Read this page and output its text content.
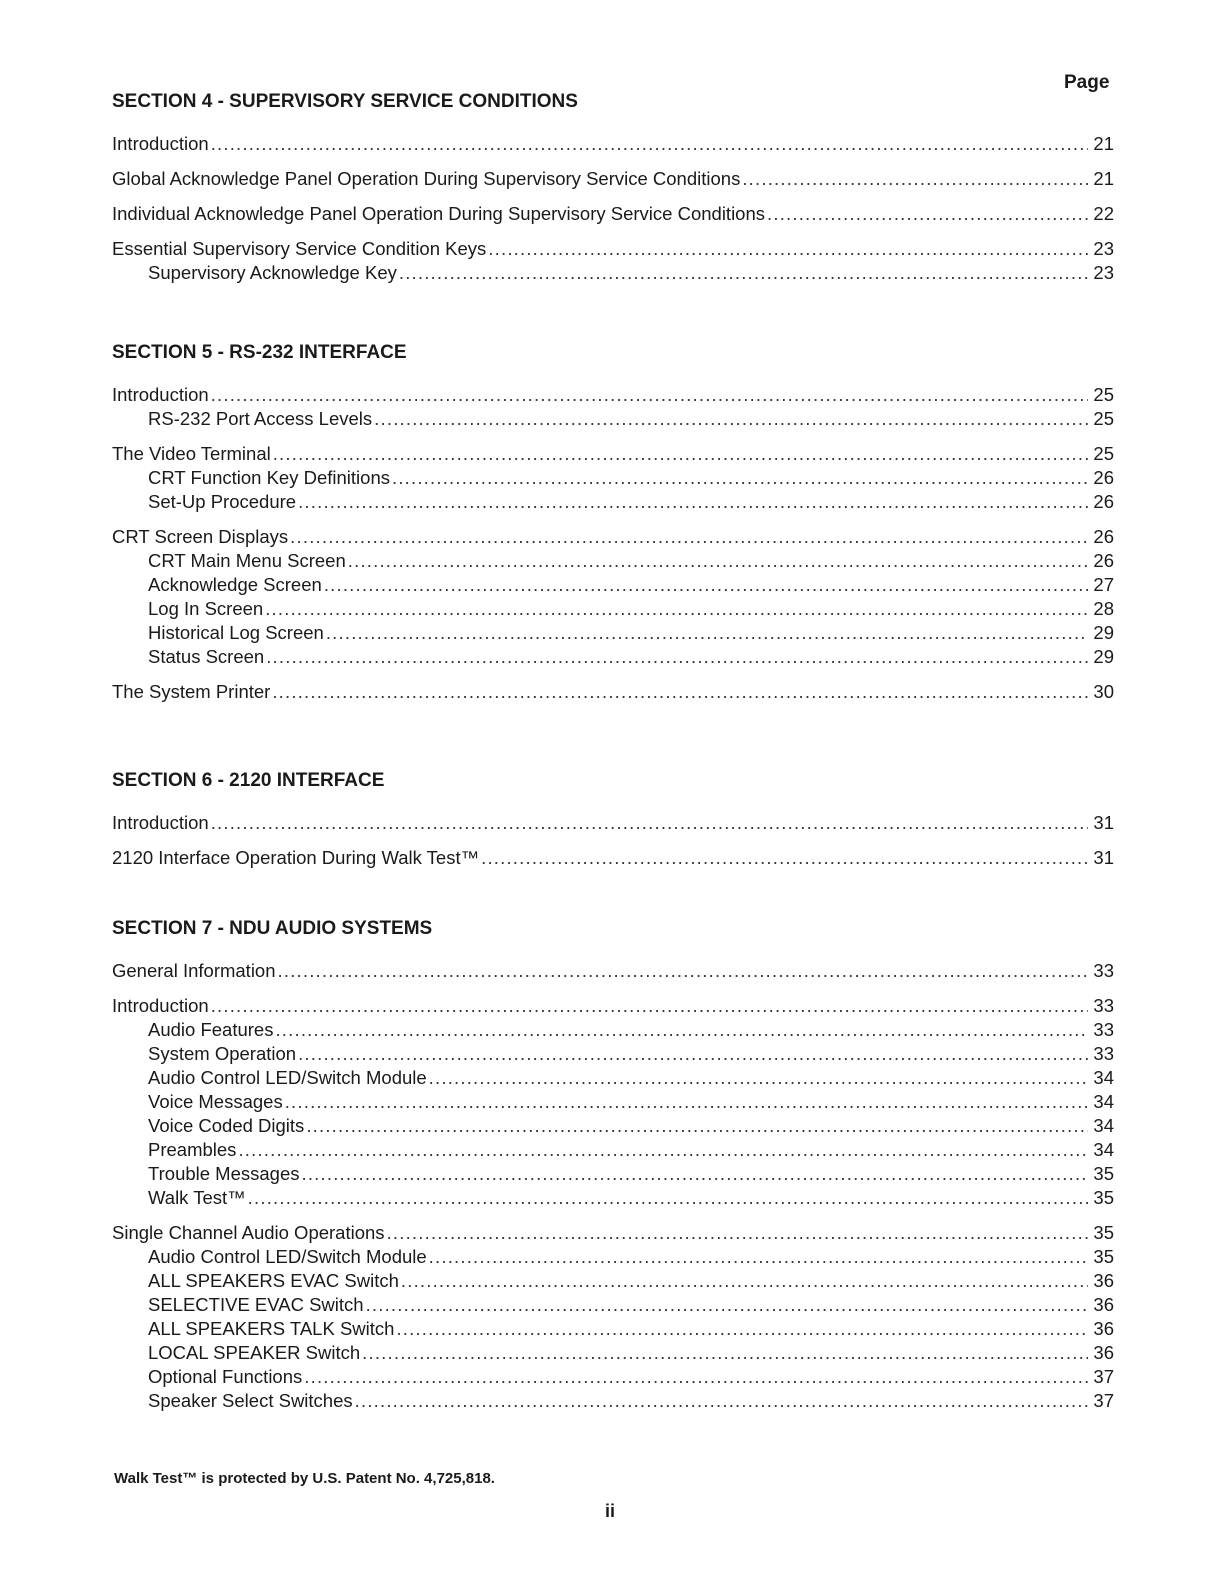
Page
SECTION 4 - SUPERVISORY SERVICE CONDITIONS
Introduction .....	21
Global Acknowledge Panel Operation During Supervisory Service Conditions .....	21
Individual Acknowledge Panel Operation During Supervisory Service Conditions .....	22
Essential Supervisory Service Condition Keys .....	23
Supervisory Acknowledge Key .....	23
SECTION 5 - RS-232 INTERFACE
Introduction .....	25
RS-232 Port Access Levels .....	25
The Video Terminal .....	25
CRT Function Key Definitions .....	26
Set-Up Procedure .....	26
CRT Screen Displays .....	26
CRT Main Menu Screen .....	26
Acknowledge Screen .....	27
Log In Screen .....	28
Historical Log Screen .....	29
Status Screen .....	29
The System Printer .....	30
SECTION 6 - 2120 INTERFACE
Introduction .....	31
2120 Interface Operation During Walk Test™ .....	31
SECTION 7 - NDU AUDIO SYSTEMS
General Information .....	33
Introduction .....	33
Audio Features .....	33
System Operation .....	33
Audio Control LED/Switch Module .....	34
Voice Messages .....	34
Voice Coded Digits .....	34
Preambles .....	34
Trouble Messages .....	35
Walk Test™ .....	35
Single Channel Audio Operations .....	35
Audio Control LED/Switch Module .....	35
ALL SPEAKERS EVAC Switch .....	36
SELECTIVE EVAC Switch .....	36
ALL SPEAKERS TALK Switch .....	36
LOCAL SPEAKER Switch .....	36
Optional Functions .....	37
Speaker Select Switches .....	37
Walk Test™ is protected by U.S. Patent No. 4,725,818.
ii
